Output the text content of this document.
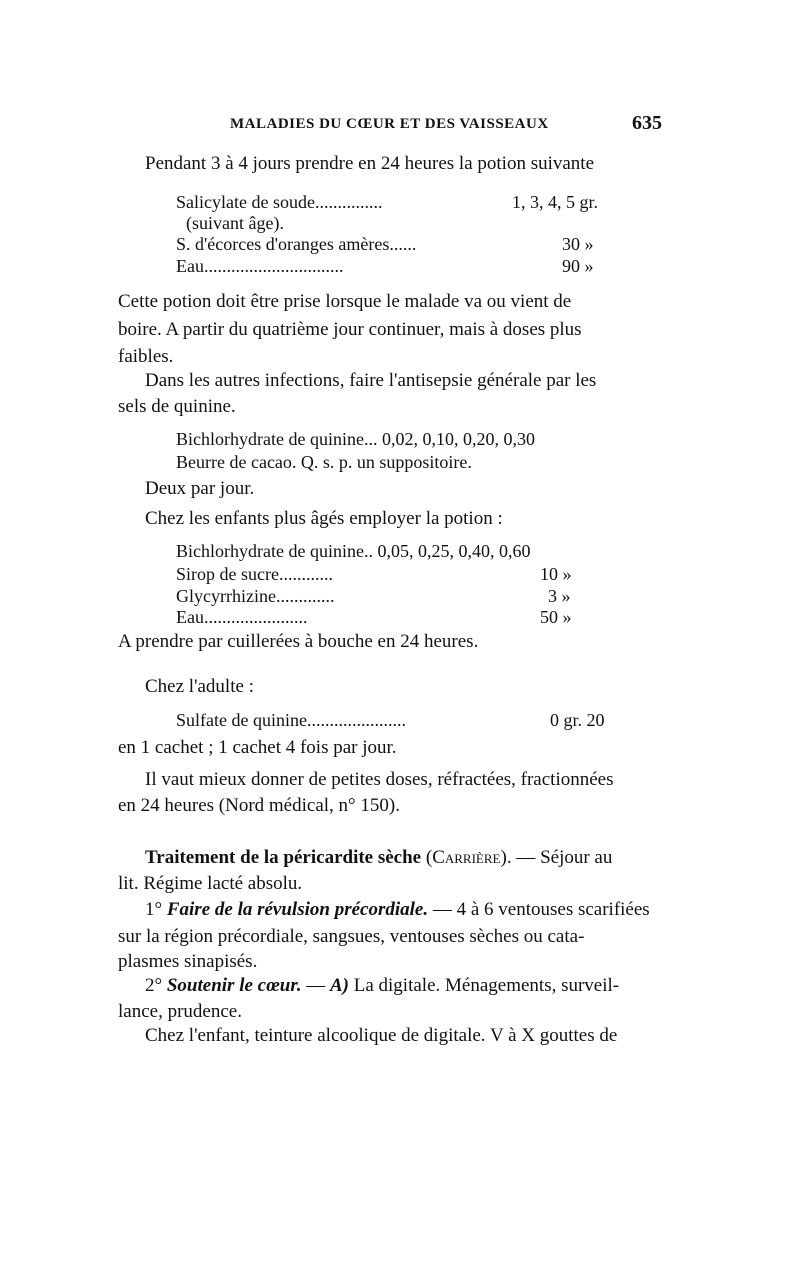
MALADIES DU CŒUR ET DES VAISSEAUX	635
Pendant 3 à 4 jours prendre en 24 heures la potion suivante
Salicylate de soude...............	1, 3, 4, 5 gr.
(suivant âge).
S. d'écorces d'oranges amères......	30 »
Eau...............................	90 »
Cette potion doit être prise lorsque le malade va ou vient de
boire. A partir du quatrième jour continuer, mais à doses plus
faibles.
Dans les autres infections, faire l'antisepsie générale par les
sels de quinine.
Bichlorhydrate de quinine... 0,02, 0,10, 0,20, 0,30
Beurre de cacao. Q. s. p. un suppositoire.
Deux par jour.
Chez les enfants plus âgés employer la potion :
Bichlorhydrate de quinine.. 0,05, 0,25, 0,40, 0,60
Sirop de sucre............	10 »
Glycyrrhizine.............	3 »
Eau.......................	50 »
A prendre par cuillerées à bouche en 24 heures.
Chez l'adulte :
Sulfate de quinine......................	0 gr. 20
en 1 cachet ; 1 cachet 4 fois par jour.
Il vaut mieux donner de petites doses, réfractées, fractionnées
en 24 heures (Nord médical, n° 150).
Traitement de la péricardite sèche (Carrière). — Séjour au
lit. Régime lacté absolu.
1° Faire de la révulsion précordiale. — 4 à 6 ventouses scarifiées
sur la région précordiale, sangsues, ventouses sèches ou cata-
plasmes sinapisés.
2° Soutenir le cœur. — A) La digitale. Ménagements, surveil-
lance, prudence.
Chez l'enfant, teinture alcoolique de digitale. V à X gouttes de
